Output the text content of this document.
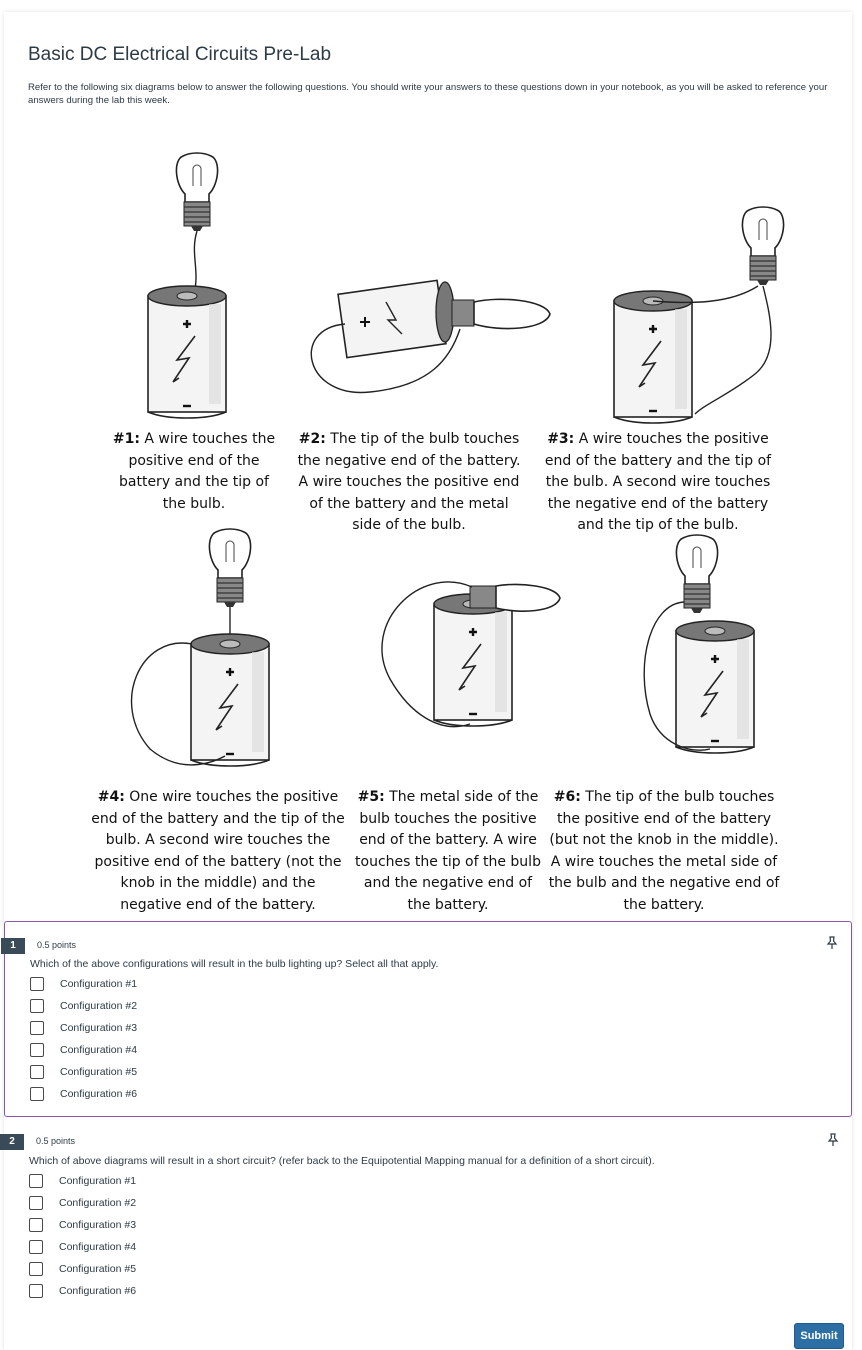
Basic DC Electrical Circuits Pre-Lab

Refer to the following six diagrams below to answer the following questions. You should write your answers to these questions down in your notebook, as you will be asked to reference your answers during the lab this week.

#1: A wire touches the positive end of the battery and the tip of the bulb.
#2: The tip of the bulb touches the negative end of the battery. A wire touches the positive end of the battery and the metal side of the bulb.
#3: A wire touches the positive end of the battery and the tip of the bulb. A second wire touches the negative end of the battery and the tip of the bulb.
#4: One wire touches the positive end of the battery and the tip of the bulb. A second wire touches the positive end of the battery (not the knob in the middle) and the negative end of the battery.
#5: The metal side of the bulb touches the positive end of the battery. A wire touches the tip of the bulb and the negative end of the battery.
#6: The tip of the bulb touches the positive end of the battery (but not the knob in the middle). A wire touches the metal side of the bulb and the negative end of the battery.
1	0.5 points
Which of the above configurations will result in the bulb lighting up? Select all that apply.
Configuration #1
Configuration #2
Configuration #3
Configuration #4
Configuration #5
Configuration #6
2	0.5 points
Which of above diagrams will result in a short circuit? (refer back to the Equipotential Mapping manual for a definition of a short circuit).
Configuration #1
Configuration #2
Configuration #3
Configuration #4
Configuration #5
Configuration #6
Submit
